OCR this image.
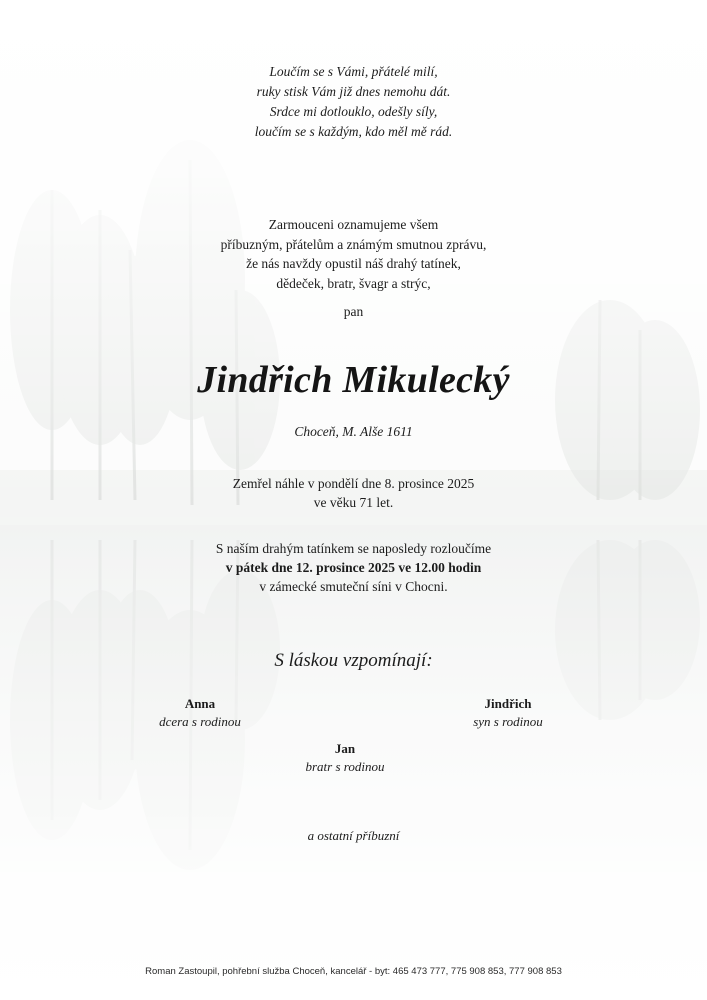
Loučím se s Vámi, přátelé milí,
ruky stisk Vám již dnes nemohu dát.
Srdce mi dotlouklo, odešly síly,
loučím se s každým, kdo měl mě rád.
Zarmouceni oznamujeme všem
příbuzným, přátelům a známým smutnou zprávu,
že nás navždy opustil náš drahý tatínek,
dědeček, bratr, švagr a strýc,
pan
Jindřich Mikulecký
Choceň, M. Alše 1611
Zemřel náhle v pondělí dne 8. prosince 2025
ve věku 71 let.
S naším drahým tatínkem se naposledy rozloučíme
v pátek dne 12. prosince 2025 ve 12.00 hodin
v zámecké smuteční síni v Chocni.
S láskou vzpomínají:
Anna
dcera s rodinou
Jindřich
syn s rodinou
Jan
bratr s rodinou
a ostatní příbuzní
Roman Zastoupil, pohřební služba Choceň, kancelář - byt: 465 473 777, 775 908 853, 777 908 853
